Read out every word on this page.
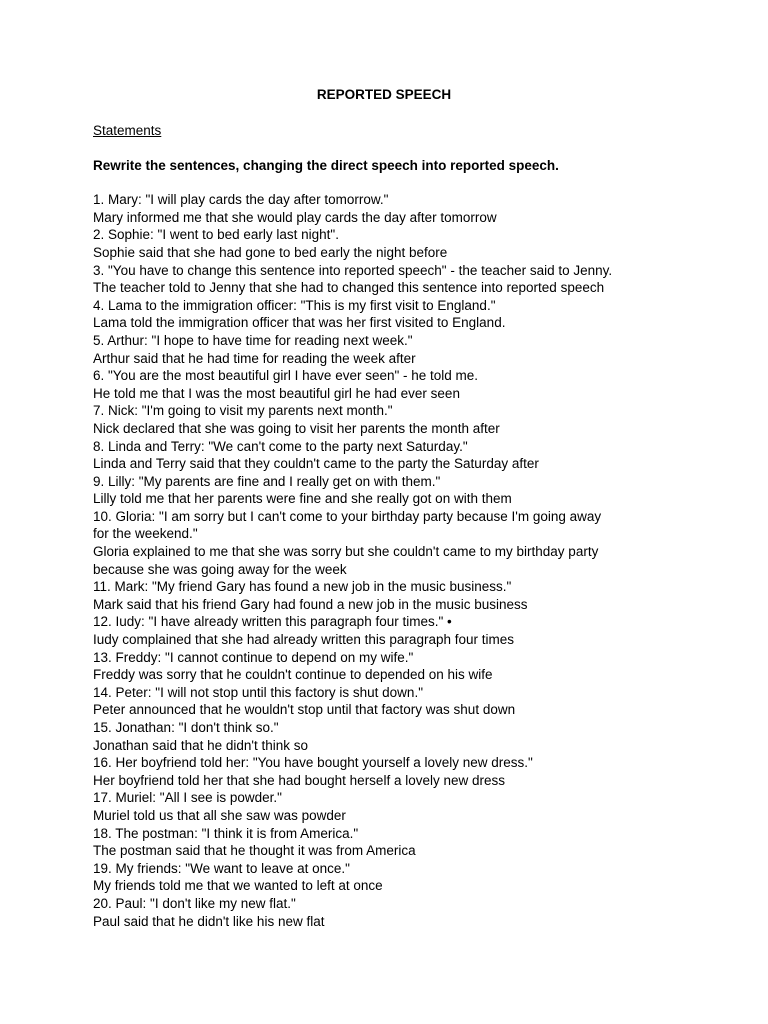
REPORTED SPEECH
Statements
Rewrite the sentences, changing the direct speech into reported speech.
1. Mary: "I will play cards the day after tomorrow."
Mary informed me that she would play cards the day after tomorrow
2. Sophie: "I went to bed early last night".
Sophie said that she had gone to bed early the night before
3. "You have to change this sentence into reported speech" - the teacher said to Jenny.
The teacher told to Jenny that she had to changed this sentence into reported speech
4. Lama to the immigration officer: "This is my first visit to England."
Lama told the immigration officer that was her first visited to England.
5. Arthur: "I hope to have time for reading next week."
Arthur said that he had time for reading the week after
6. "You are the most beautiful girl I have ever seen" - he told me.
He told me that I was the most beautiful girl he had ever seen
7. Nick: "I'm going to visit my parents next month."
Nick declared that she was going to visit her parents the month after
8. Linda and Terry: "We can't come to the party next Saturday."
Linda and Terry said that they couldn't came to the party the Saturday after
9. Lilly: "My parents are fine and I really get on with them."
Lilly told me that her parents were fine and she really got on with them
10. Gloria: "I am sorry but I can't come to your birthday party because I'm going away
for the weekend."
Gloria explained to me that she was sorry but she couldn't came to my birthday party
because she was going away for the week
11. Mark: "My friend Gary has found a new job in the music business."
Mark said that his friend Gary had found a new job in the music business
12. Iudy: "I have already written this paragraph four times." •
Iudy complained that she had already written this paragraph four times
13. Freddy: "I cannot continue to depend on my wife."
Freddy was sorry that he couldn't continue to depended on his wife
14. Peter: "I will not stop until this factory is shut down."
Peter announced that he wouldn't stop until that factory was shut down
15. Jonathan: "I don't think so."
Jonathan said that he didn't think so
16. Her boyfriend told her: "You have bought yourself a lovely new dress."
Her boyfriend told her that she had bought herself a lovely new dress
17. Muriel: "All I see is powder."
Muriel told us that all she saw was powder
18. The postman: "I think it is from America."
The postman said that he thought it was from America
19. My friends: "We want to leave at once."
My friends told me that we wanted to left at once
20. Paul: "I don't like my new flat."
Paul said that he didn't like his new flat
